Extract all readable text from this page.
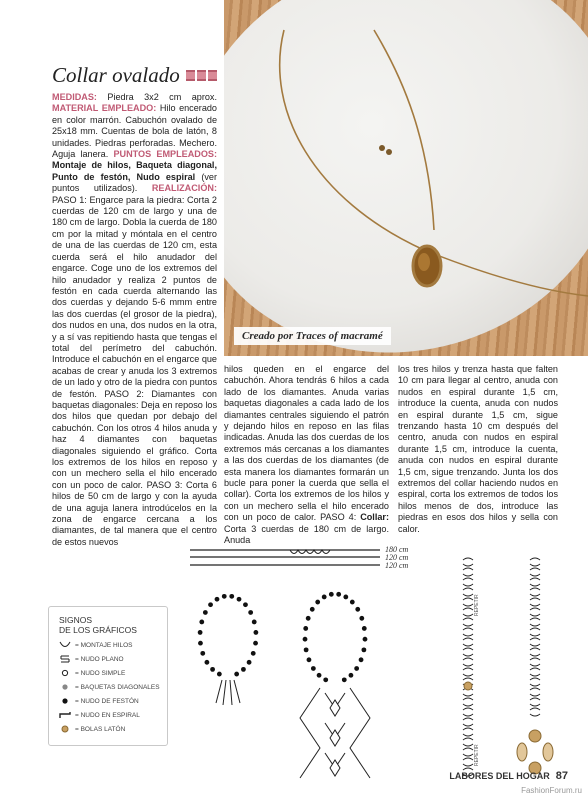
Creado por Traces of macramé
Collar ovalado
MEDIDAS: Piedra 3x2 cm aprox. MATERIAL EMPLEADO: Hilo encerado en color marrón. Cabuchón ovalado de 25x18 mm. Cuentas de bola de latón, 8 unidades. Piedras perforadas. Mechero. Aguja lanera. PUNTOS EMPLEADOS: Montaje de hilos, Baqueta diagonal, Punto de festón, Nudo espiral (ver puntos utilizados). REALIZACIÓN: PASO 1: Engarce para la piedra: Corta 2 cuerdas de 120 cm de largo y una de 180 cm de largo. Dobla la cuerda de 180 cm por la mitad y móntala en el centro de una de las cuerdas de 120 cm, esta cuerda será el hilo anudador del engarce. Coge uno de los extremos del hilo anudador y realiza 2 puntos de festón en cada cuerda alternando las dos cuerdas y dejando 5-6 mmm entre las dos cuerdas (el grosor de la piedra), dos nudos en una, dos nudos en la otra, y a sí vas repitiendo hasta que tengas el total del perímetro del cabuchón. Introduce el cabuchón en el engarce que acabas de crear y anuda los 3 extremos de un lado y otro de la piedra con puntos de festón. PASO 2: Diamantes con baquetas diagonales: Deja en reposo los dos hilos que quedan por debajo del cabuchón. Con los otros 4 hilos anuda y haz 4 diamantes con baquetas diagonales siguiendo el gráfico. Corta los extremos de los hilos en reposo y con un mechero sella el hilo encerado con un poco de calor. PASO 3: Corta 6 hilos de 50 cm de largo y con la ayuda de una aguja lanera introdúcelos en la zona de engarce cercana a los diamantes, de tal manera que el centro de estos nuevos
hilos queden en el engarce del cabuchón. Ahora tendrás 6 hilos a cada lado de los diamantes. Anuda varias baquetas diagonales a cada lado de los diamantes centrales siguiendo el patrón y dejando hilos en reposo en las filas indicadas. Anuda las dos cuerdas de los extremos más cercanas a los diamantes a las dos cuerdas de los diamantes (de esta manera los diamantes formarán un bucle para poner la cuerda que sella el collar). Corta los extremos de los hilos y con un mechero sella el hilo encerado con un poco de calor. PASO 4: Collar: Corta 3 cuerdas de 180 cm de largo. Anuda
los tres hilos y trenza hasta que falten 10 cm para llegar al centro, anuda con nudos en espiral durante 1,5 cm, introduce la cuenta, anuda con nudos en espiral durante 1,5 cm, sigue trenzando hasta 10 cm después del centro, anuda con nudos en espiral durante 1,5 cm, introduce la cuenta, anuda con nudos en espiral durante 1,5 cm, sigue trenzando. Junta los dos extremos del collar haciendo nudos en espiral, corta los extremos de todos los hilos menos de dos, introduce las piedras en esos dos hilos y sella con calor.
180 cm
120 cm
120 cm
REPETIR
REPETIR
SIGNOS
DE LOS GRÁFICOS
= MONTAJE HILOS
= NUDO PLANO
= NUDO SIMPLE
= BAQUETAS DIAGONALES
= NUDO DE FESTÓN
= NUDO EN ESPIRAL
= BOLAS LATÓN
LABORES DEL HOGAR 87
FashionForum.ru
